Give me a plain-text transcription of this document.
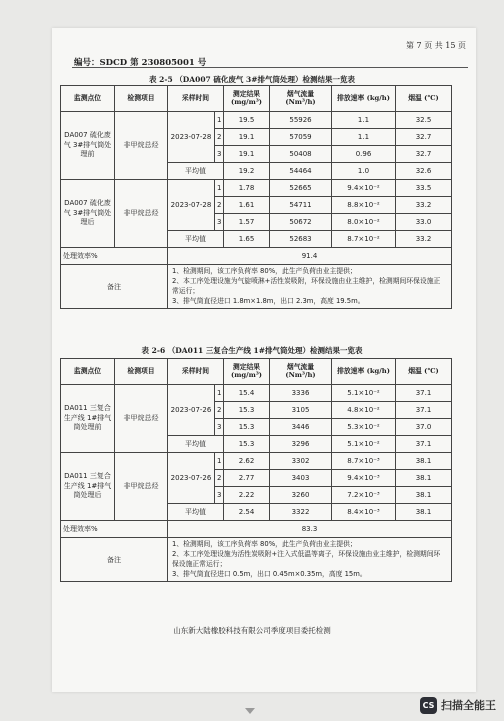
第 7 页 共 15 页
编号：SDCD 第 230805001 号
表 2-5 （DA007 硫化废气 3#排气筒处理）检测结果一览表
监测点位	检测项目	采样时间		测定结果 (mg/m³)	烟气流量 (Nm³/h)	排放速率 (kg/h)	烟温 (℃)
DA007 硫化废气 3#排气筒处理前	非甲烷总烃	2023-07-28	1	19.5	55926	1.1	32.5
			2	19.1	57059	1.1	32.7
			3	19.1	50408	0.96	32.7
		平均值		19.2	54464	1.0	32.6
DA007 硫化废气 3#排气筒处理后	非甲烷总烃	2023-07-28	1	1.78	52665	9.4×10⁻²	33.5
			2	1.61	54711	8.8×10⁻²	33.2
			3	1.57	50672	8.0×10⁻²	33.0
		平均值		1.65	52683	8.7×10⁻²	33.2
处理效率%		91.4					
备注		1、检测期间，该工序负荷率 80%，此生产负荷由业主提供；
2、本工序处理设施为气旋喷淋+活性炭吸附，环保设施由业主维护，检测期间环保设施正常运行；
3、排气筒直径进口 1.8m×1.8m，出口 2.3m，高度 19.5m。					
表 2-6 （DA011 三复合生产线 1#排气筒处理）检测结果一览表
监测点位	检测项目	采样时间		测定结果 (mg/m³)	烟气流量 (Nm³/h)	排放速率 (kg/h)	烟温 (℃)
DA011 三复合生产线 1#排气筒处理前	非甲烷总烃	2023-07-26	1	15.4	3336	5.1×10⁻²	37.1
			2	15.3	3105	4.8×10⁻²	37.1
			3	15.3	3446	5.3×10⁻²	37.0
		平均值		15.3	3296	5.1×10⁻²	37.1
DA011 三复合生产线 1#排气筒处理后	非甲烷总烃	2023-07-26	1	2.62	3302	8.7×10⁻³	38.1
			2	2.77	3403	9.4×10⁻³	38.1
			3	2.22	3260	7.2×10⁻³	38.1
		平均值		2.54	3322	8.4×10⁻³	38.1
处理效率%		83.3					
备注		1、检测期间，该工序负荷率 80%，此生产负荷由业主提供；
2、本工序处理设施为活性炭吸附+注入式低温等离子，环保设施由业主维护，检测期间环保设施正常运行；
3、排气筒直径进口 0.5m，出口 0.45m×0.35m，高度 15m。					
山东新大陆橡胶科技有限公司季度项目委托检测
CS 扫描全能王
